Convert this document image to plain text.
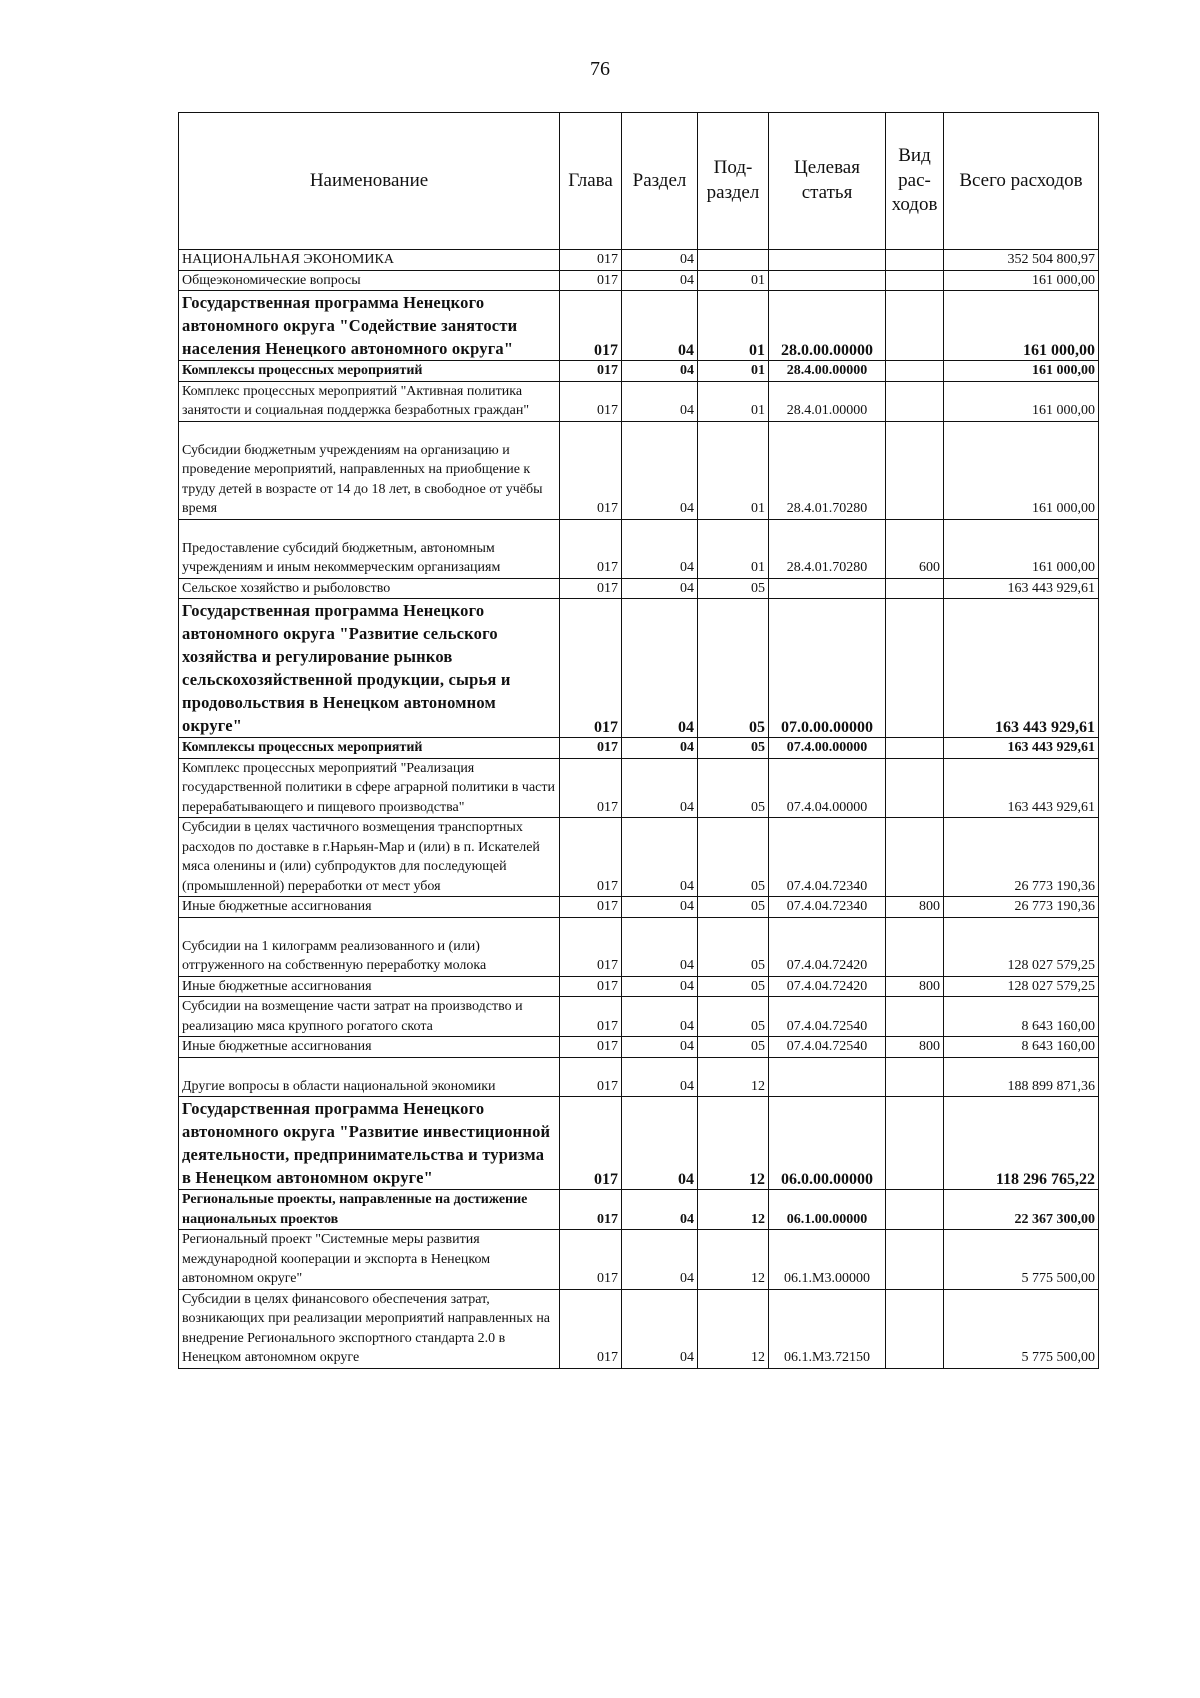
76
Наименование	Глава	Раздел	Под-раздел	Целевая статья	Вид рас-ходов	Всего расходов
НАЦИОНАЛЬНАЯ ЭКОНОМИКА	017	04				352 504 800,97
Общеэкономические вопросы	017	04	01			161 000,00
Государственная программа Ненецкого автономного округа "Содействие занятости населения Ненецкого автономного округа"	017	04	01	28.0.00.00000		161 000,00
Комплексы процессных мероприятий	017	04	01	28.4.00.00000		161 000,00
Комплекс процессных мероприятий "Активная политика занятости и социальная поддержка безработных граждан"	017	04	01	28.4.01.00000		161 000,00

Субсидии бюджетным учреждениям на организацию и проведение мероприятий, направленных на приобщение к труду детей в возрасте от 14 до 18 лет, в свободное от учёбы время	017	04	01	28.4.01.70280		161 000,00

Предоставление субсидий бюджетным, автономным учреждениям и иным некоммерческим организациям	017	04	01	28.4.01.70280	600	161 000,00
Сельское хозяйство и рыболовство	017	04	05			163 443 929,61
Государственная программа Ненецкого автономного округа "Развитие сельского хозяйства и регулирование рынков сельскохозяйственной продукции, сырья и продовольствия в Ненецком автономном округе"	017	04	05	07.0.00.00000		163 443 929,61
Комплексы процессных мероприятий	017	04	05	07.4.00.00000		163 443 929,61
Комплекс процессных мероприятий "Реализация государственной политики в сфере аграрной политики в части перерабатывающего и пищевого производства"	017	04	05	07.4.04.00000		163 443 929,61
Субсидии в целях частичного возмещения транспортных расходов по доставке в г.Нарьян-Мар и (или) в п. Искателей мяса оленины и (или) субпродуктов для последующей (промышленной) переработки от мест убоя	017	04	05	07.4.04.72340		26 773 190,36
Иные бюджетные ассигнования	017	04	05	07.4.04.72340	800	26 773 190,36

Субсидии на 1 килограмм реализованного и (или) отгруженного на собственную переработку молока	017	04	05	07.4.04.72420		128 027 579,25
Иные бюджетные ассигнования	017	04	05	07.4.04.72420	800	128 027 579,25
Субсидии на возмещение части затрат на производство и реализацию мяса крупного рогатого скота	017	04	05	07.4.04.72540		8 643 160,00
Иные бюджетные ассигнования	017	04	05	07.4.04.72540	800	8 643 160,00

Другие вопросы в области национальной экономики	017	04	12			188 899 871,36
Государственная программа Ненецкого автономного округа "Развитие инвестиционной деятельности, предпринимательства и туризма в Ненецком автономном округе"	017	04	12	06.0.00.00000		118 296 765,22
Региональные проекты, направленные на достижение национальных проектов	017	04	12	06.1.00.00000		22 367 300,00
Региональный проект "Системные меры развития международной кооперации и экспорта в Ненецком автономном округе"	017	04	12	06.1.М3.00000		5 775 500,00
Субсидии в целях финансового обеспечения затрат, возникающих при реализации мероприятий направленных на внедрение Регионального экспортного стандарта 2.0 в Ненецком автономном округе	017	04	12	06.1.М3.72150		5 775 500,00
